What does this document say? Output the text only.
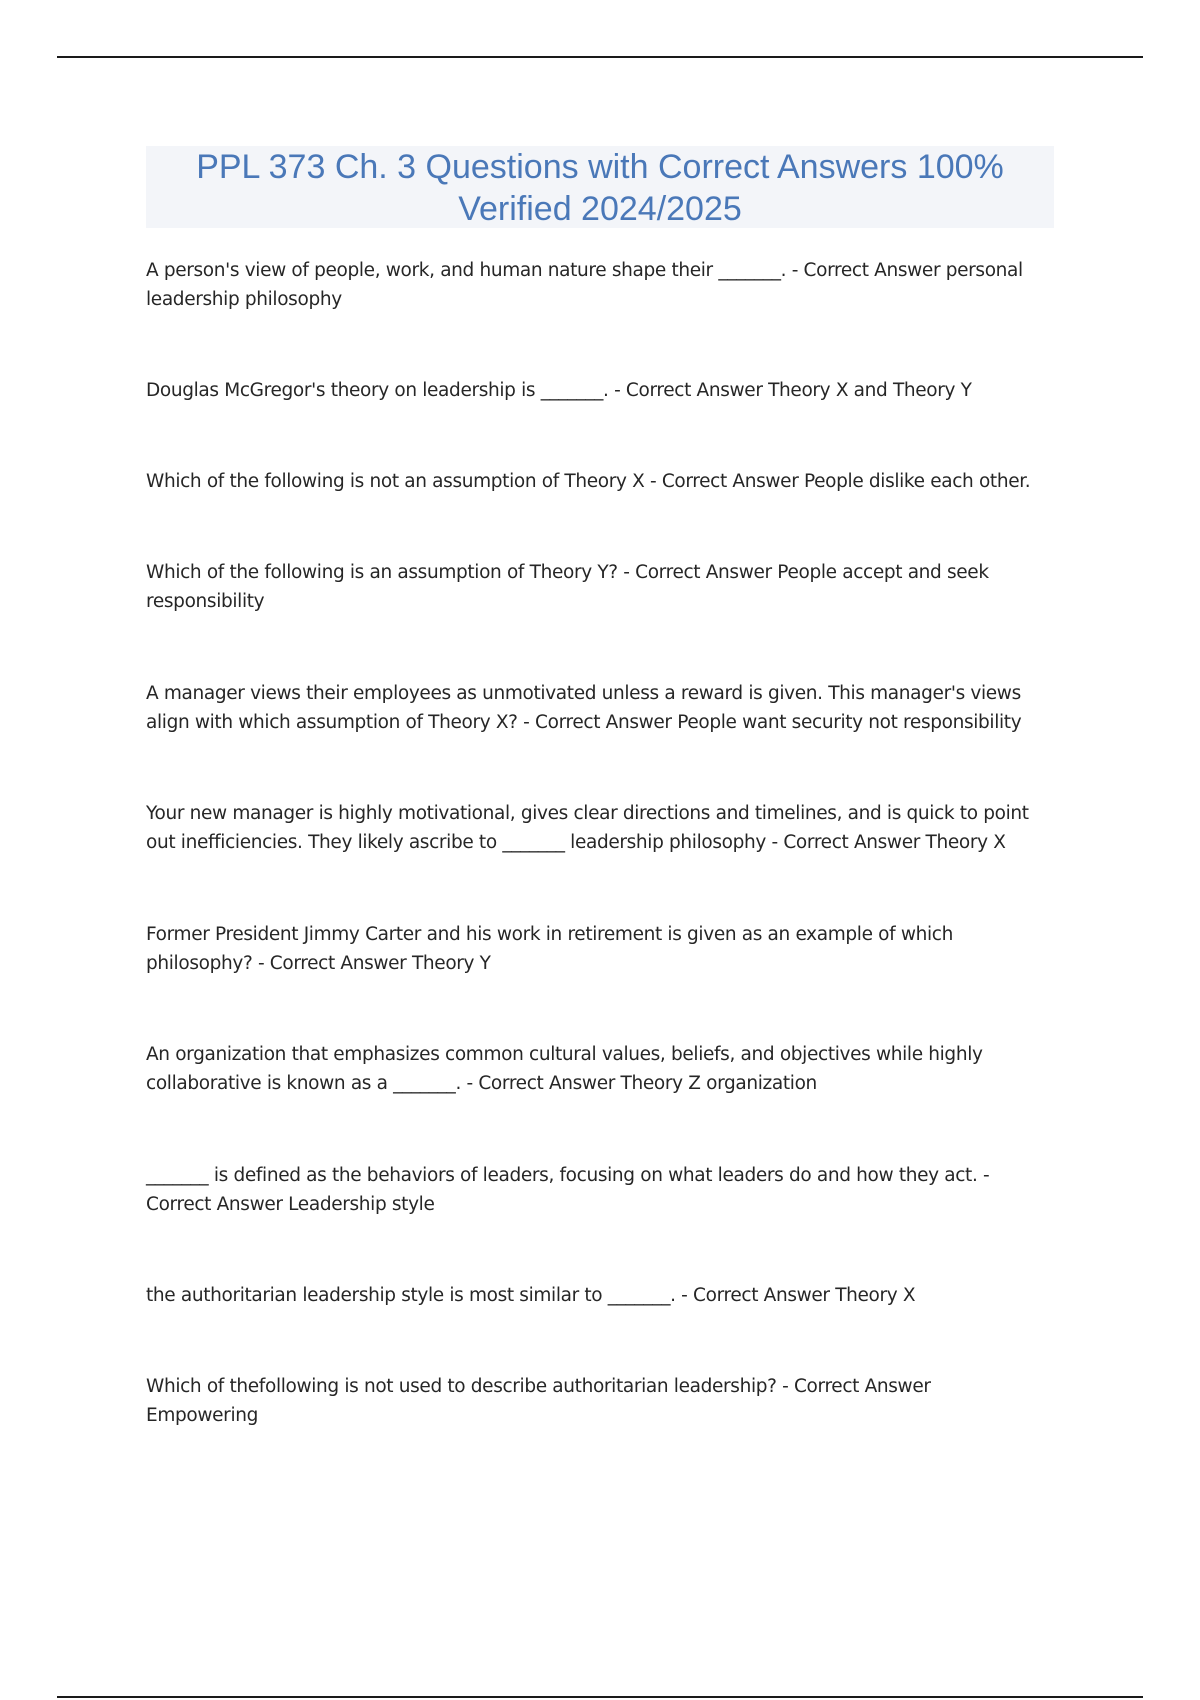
PPL 373 Ch. 3 Questions with Correct Answers 100% Verified 2024/2025

A person's view of people, work, and human nature shape their _______. - Correct Answer personal leadership philosophy

Douglas McGregor's theory on leadership is _______. - Correct Answer Theory X and Theory Y

Which of the following is not an assumption of Theory X - Correct Answer People dislike each other.

Which of the following is an assumption of Theory Y? - Correct Answer People accept and seek responsibility

A manager views their employees as unmotivated unless a reward is given. This manager's views align with which assumption of Theory X? - Correct Answer People want security not responsibility

Your new manager is highly motivational, gives clear directions and timelines, and is quick to point out inefficiencies. They likely ascribe to _______ leadership philosophy - Correct Answer Theory X

Former President Jimmy Carter and his work in retirement is given as an example of which philosophy? - Correct Answer Theory Y

An organization that emphasizes common cultural values, beliefs, and objectives while highly collaborative is known as a _______. - Correct Answer Theory Z organization

_______ is defined as the behaviors of leaders, focusing on what leaders do and how they act. - Correct Answer Leadership style

the authoritarian leadership style is most similar to _______. - Correct Answer Theory X

Which of thefollowing is not used to describe authoritarian leadership? - Correct Answer Empowering
